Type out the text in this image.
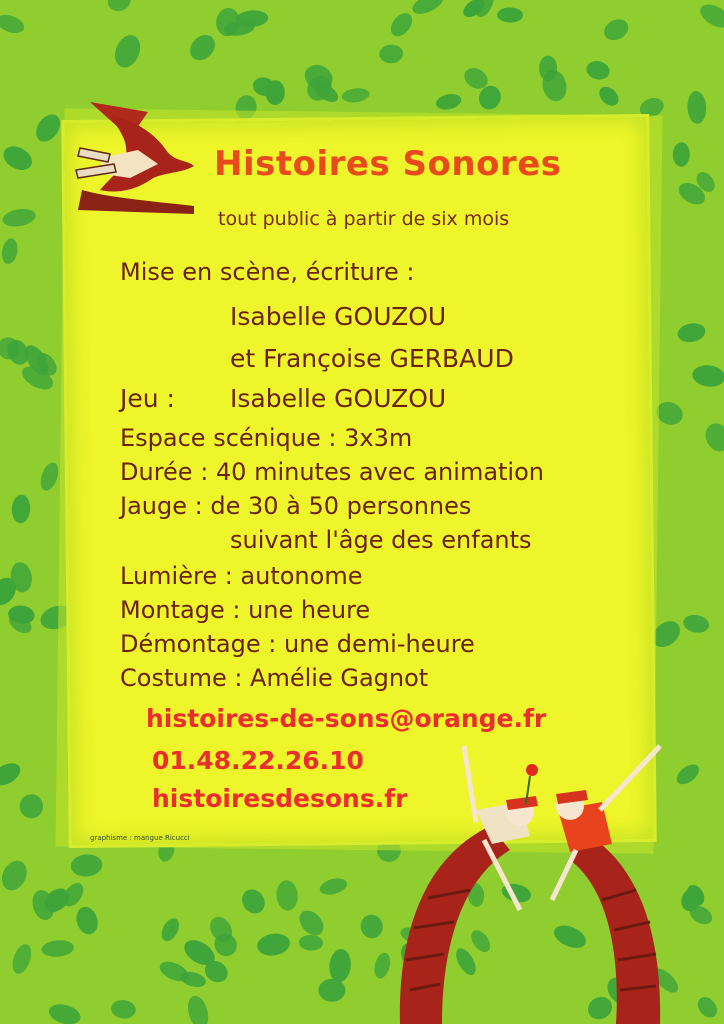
Histoires Sonores
tout public à partir de six mois
Mise en scène, écriture :
Isabelle GOUZOU
et Françoise GERBAUD
Jeu : Isabelle GOUZOU
Espace scénique : 3x3m
Durée : 40 minutes avec animation
Jauge : de 30 à 50 personnes
suivant l'âge des enfants
Lumière : autonome
Montage : une heure
Démontage : une demi-heure
Costume : Amélie Gagnot
histoires-de-sons@orange.fr
01.48.22.26.10
histoiresdesons.fr
graphisme : mangue Ricucci
